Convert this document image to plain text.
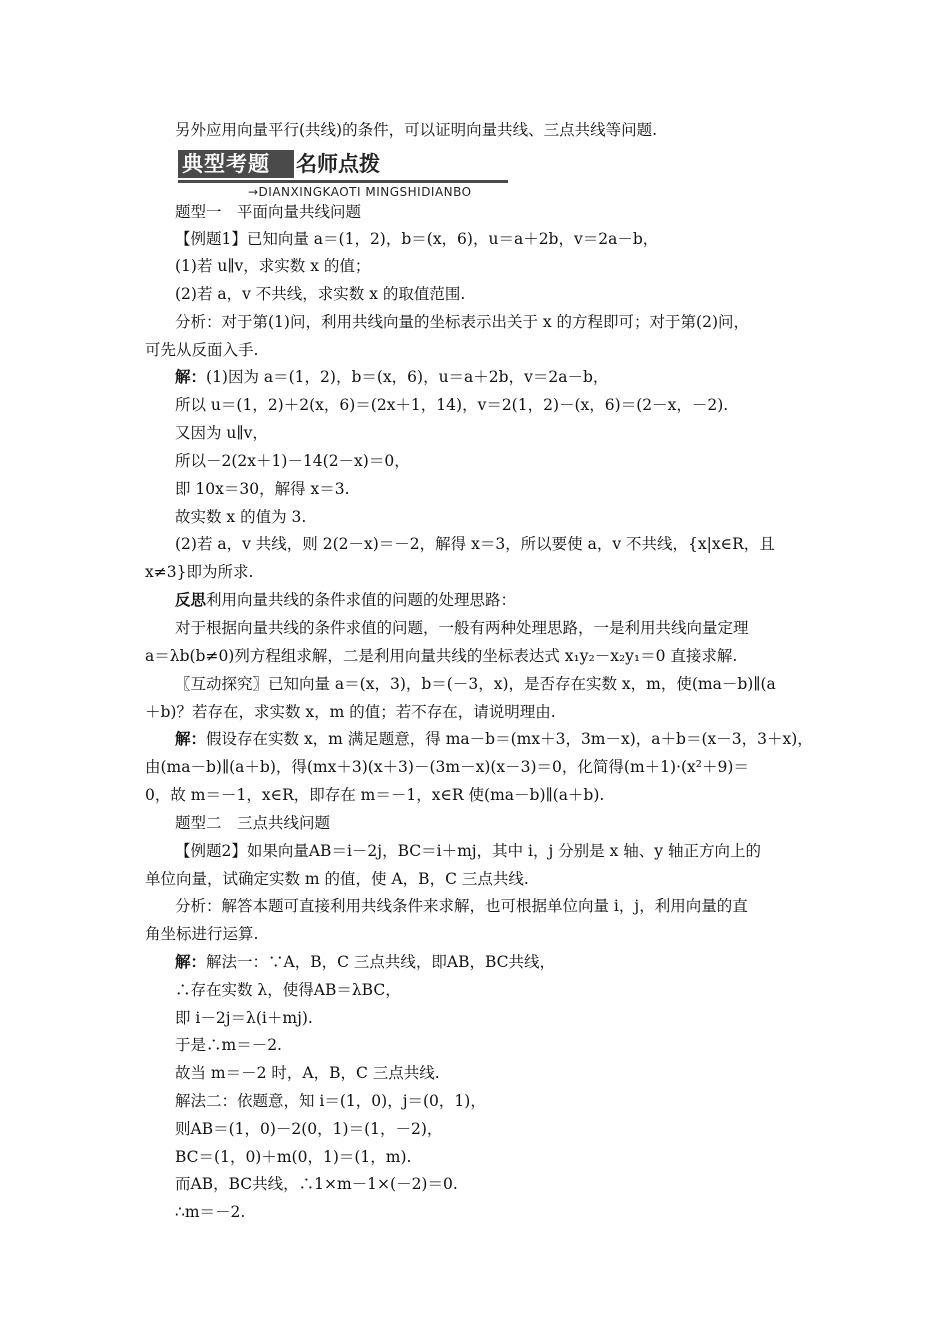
另外应用向量平行(共线)的条件，可以证明向量共线、三点共线等问题.
典型考题	名师点拨
→DIANXINGKAOTI MINGSHIDIANBO
题型一　平面向量共线问题
【例题1】已知向量 a＝(1，2)，b＝(x，6)，u＝a＋2b，v＝2a－b，
(1)若 u∥v，求实数 x 的值；
(2)若 a，v 不共线，求实数 x 的取值范围.
分析：对于第(1)问，利用共线向量的坐标表示出关于 x 的方程即可；对于第(2)问，
可先从反面入手.
解：(1)因为 a＝(1，2)，b＝(x，6)，u＝a＋2b，v＝2a－b，
所以 u＝(1，2)＋2(x，6)＝(2x＋1，14)，v＝2(1，2)－(x，6)＝(2－x，－2).
又因为 u∥v，
所以－2(2x＋1)－14(2－x)＝0，
即 10x＝30，解得 x＝3.
故实数 x 的值为 3.
(2)若 a，v 共线，则 2(2－x)＝－2，解得 x＝3，所以要使 a，v 不共线，{x|x∈R，且
x≠3}即为所求.
反思利用向量共线的条件求值的问题的处理思路：
对于根据向量共线的条件求值的问题，一般有两种处理思路，一是利用共线向量定理
a＝λb(b≠0)列方程组求解，二是利用向量共线的坐标表达式 x₁y₂－x₂y₁＝0 直接求解.
〖互动探究〗已知向量 a＝(x，3)，b＝(－3，x)，是否存在实数 x，m，使(ma－b)∥(a
＋b)？若存在，求实数 x，m 的值；若不存在，请说明理由.
解：假设存在实数 x，m 满足题意，得 ma－b＝(mx＋3，3m－x)，a＋b＝(x－3，3＋x)，
由(ma－b)∥(a＋b)，得(mx＋3)(x＋3)－(3m－x)(x－3)＝0，化简得(m＋1)·(x²＋9)＝
0，故 m＝－1，x∈R，即存在 m＝－1，x∈R 使(ma－b)∥(a＋b).
题型二　三点共线问题
【例题2】如果向量AB＝i－2j，BC＝i＋mj，其中 i，j 分别是 x 轴、y 轴正方向上的
单位向量，试确定实数 m 的值，使 A，B，C 三点共线.
分析：解答本题可直接利用共线条件来求解，也可根据单位向量 i，j，利用向量的直
角坐标进行运算.
解：解法一：∵A，B，C 三点共线，即AB，BC共线，
∴存在实数 λ，使得AB＝λBC，
即 i－2j＝λ(i＋mj).
于是∴m＝－2.
故当 m＝－2 时，A，B，C 三点共线.
解法二：依题意，知 i＝(1，0)，j＝(0，1)，
则AB＝(1，0)－2(0，1)＝(1，－2)，
BC＝(1，0)＋m(0，1)＝(1，m).
而AB，BC共线，∴1×m－1×(－2)＝0.
∴m＝－2.
